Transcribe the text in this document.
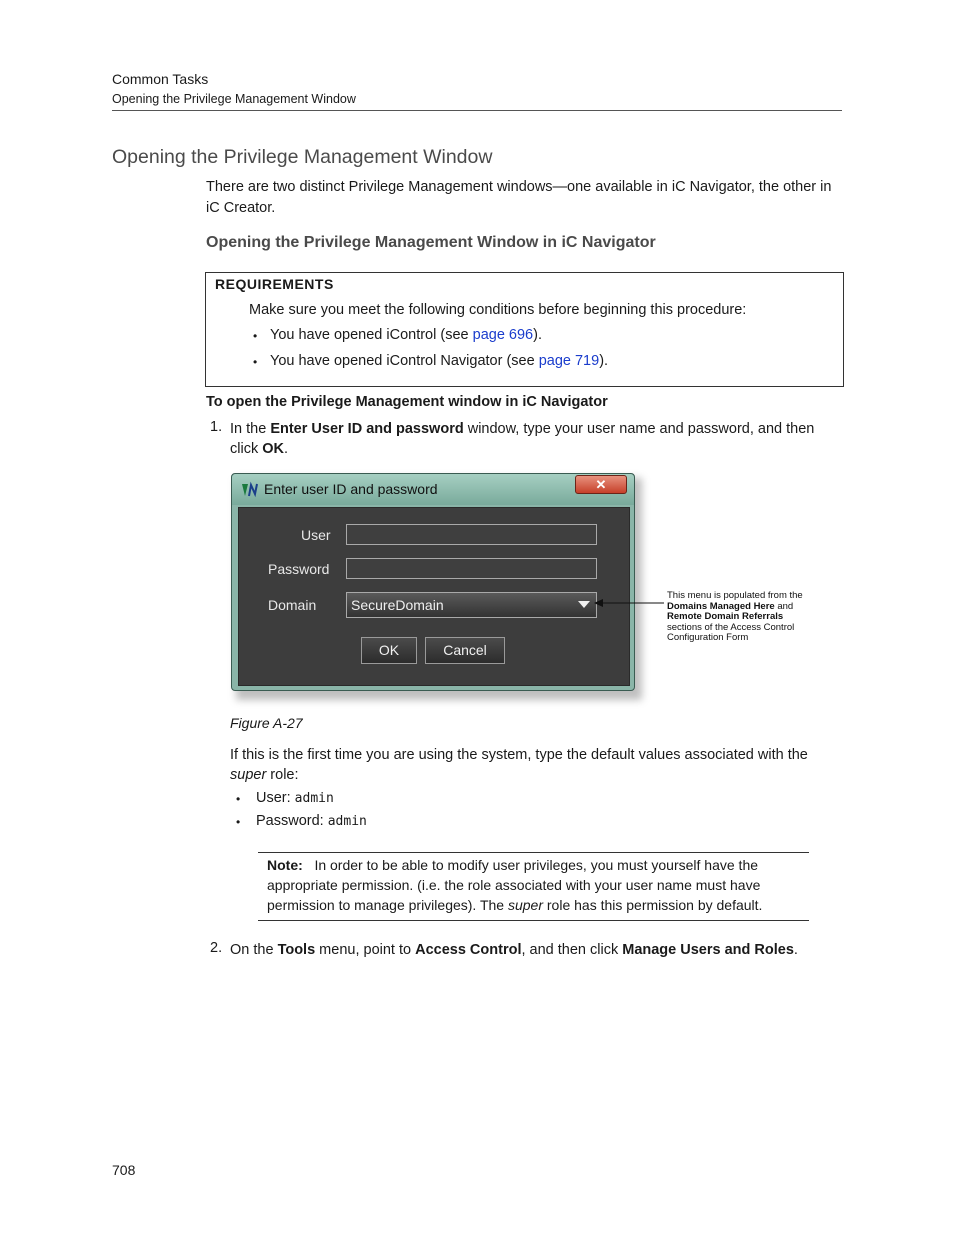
Common Tasks
Opening the Privilege Management Window
Opening the Privilege Management Window
There are two distinct Privilege Management windows—one available in iC Navigator, the other in iC Creator.
Opening the Privilege Management Window in iC Navigator
REQUIREMENTS
Make sure you meet the following conditions before beginning this procedure:
• You have opened iControl (see page 696).
• You have opened iControl Navigator (see page 719).
To open the Privilege Management window in iC Navigator
1. In the Enter User ID and password window, type your user name and password, and then click OK.
Enter user ID and password	✕
User
Password
Domain	SecureDomain
OK	Cancel
This menu is populated from the
Domains Managed Here and
Remote Domain Referrals
sections of the Access Control Configuration Form
Figure A-27
If this is the first time you are using the system, type the default values associated with the super role:
• User: admin
• Password: admin
Note: In order to be able to modify user privileges, you must yourself have the appropriate permission. (i.e. the role associated with your user name must have permission to manage privileges). The super role has this permission by default.
2. On the Tools menu, point to Access Control, and then click Manage Users and Roles.
708
